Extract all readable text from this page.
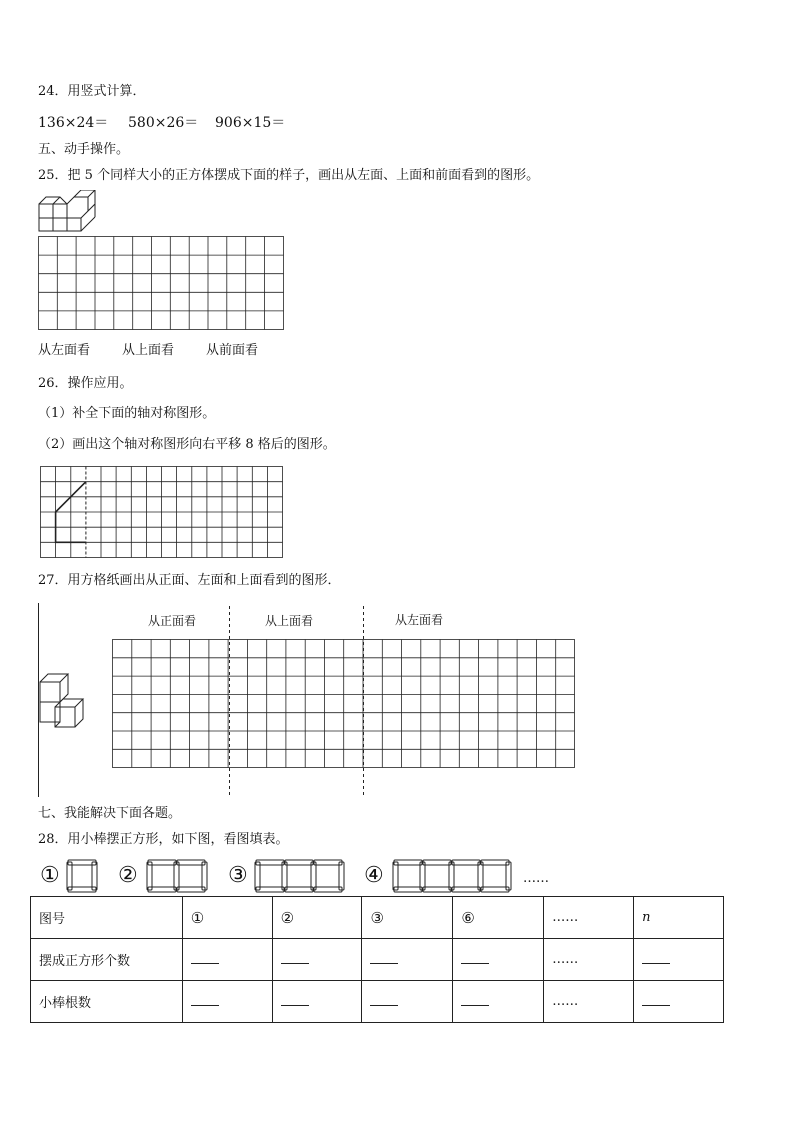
24．用竖式计算．
136×24＝ 580×26＝ 906×15＝
五、动手操作。
25．把 5 个同样大小的正方体摆成下面的样子，画出从左面、上面和前面看到的图形。
从左面看 从上面看 从前面看
26．操作应用。
（1）补全下面的轴对称图形。
（2）画出这个轴对称图形向右平移 8 格后的图形。
27．用方格纸画出从正面、左面和上面看到的图形．
从正面看	从上面看	从左面看
七、我能解决下面各题。
28．用小棒摆正方形，如下图，看图填表。
①	②	③	④	……
图号	①	②	③	⑥	……	n
摆成正方形个数					……	
小棒根数					……	
